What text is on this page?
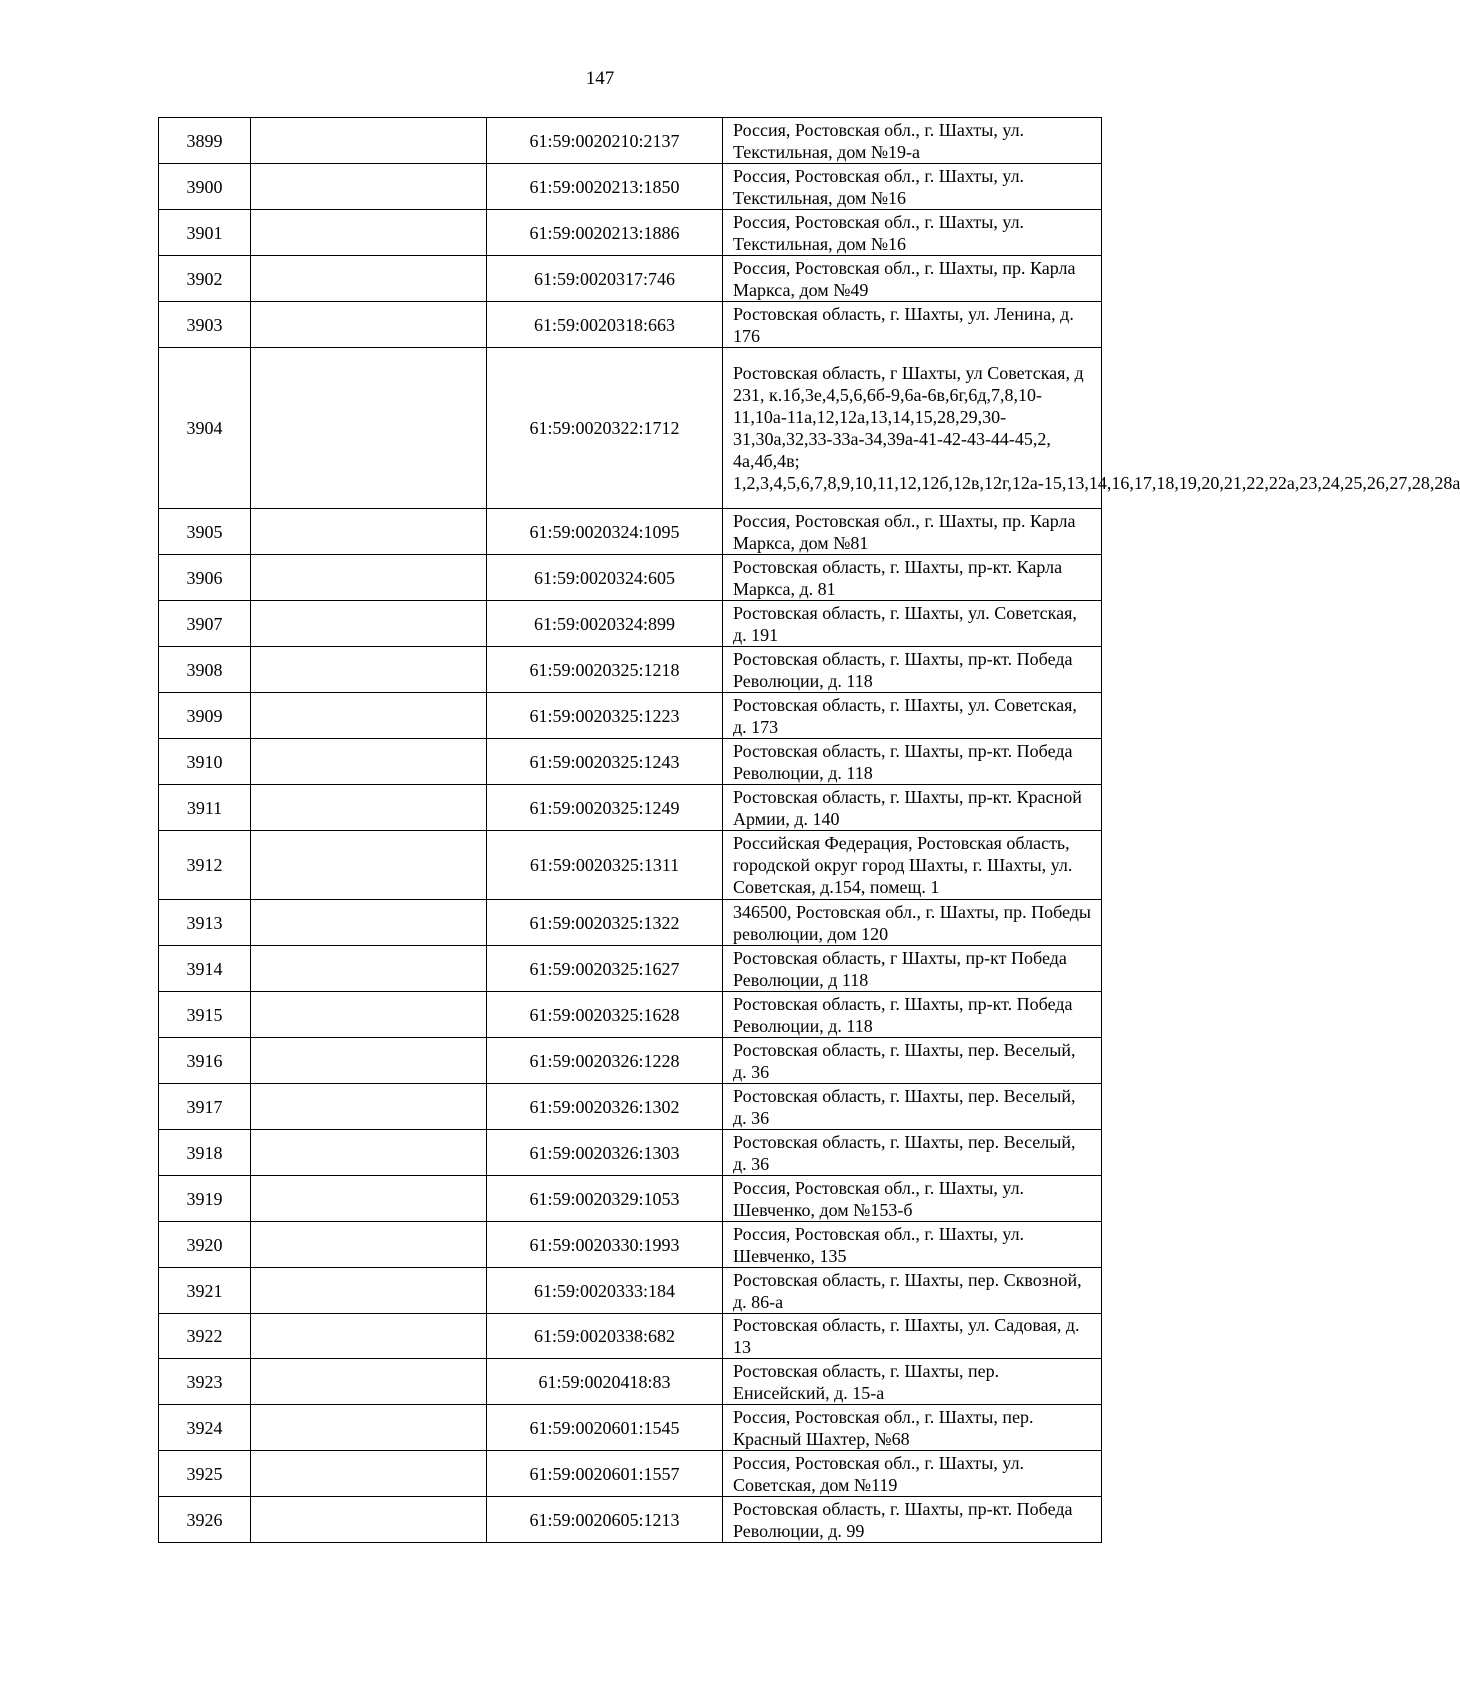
147
3899		61:59:0020210:2137	Россия, Ростовская обл., г. Шахты, ул. Текстильная, дом №19-а
3900		61:59:0020213:1850	Россия, Ростовская обл., г. Шахты, ул. Текстильная, дом №16
3901		61:59:0020213:1886	Россия, Ростовская обл., г. Шахты, ул. Текстильная, дом №16
3902		61:59:0020317:746	Россия, Ростовская обл., г. Шахты, пр. Карла Маркса, дом №49
3903		61:59:0020318:663	Ростовская область, г. Шахты, ул. Ленина, д. 176
3904		61:59:0020322:1712	Ростовская область, г Шахты, ул Советская, д 231, к.1б,3е,4,5,6,6б-9,6а-6в,6г,6д,7,8,10-11,10а-11а,12,12а,13,14,15,28,29,30-31,30а,32,33-33а-34,39а-41-42-43-44-45,2, 4а,4б,4в; 1,2,3,4,5,6,7,8,9,10,11,12,12б,12в,12г,12а-15,13,14,16,17,18,19,20,21,22,22а,23,24,25,26,27,28,28а
3905		61:59:0020324:1095	Россия, Ростовская обл., г. Шахты, пр. Карла Маркса, дом №81
3906		61:59:0020324:605	Ростовская область, г. Шахты, пр-кт. Карла Маркса, д. 81
3907		61:59:0020324:899	Ростовская область, г. Шахты, ул. Советская, д. 191
3908		61:59:0020325:1218	Ростовская область, г. Шахты, пр-кт. Победа Революции, д. 118
3909		61:59:0020325:1223	Ростовская область, г. Шахты, ул. Советская, д. 173
3910		61:59:0020325:1243	Ростовская область, г. Шахты, пр-кт. Победа Революции, д. 118
3911		61:59:0020325:1249	Ростовская область, г. Шахты, пр-кт. Красной Армии, д. 140
3912		61:59:0020325:1311	Российская Федерация, Ростовская область, городской округ город Шахты, г. Шахты, ул. Советская, д.154, помещ. 1
3913		61:59:0020325:1322	346500, Ростовская обл., г. Шахты, пр. Победы революции, дом 120
3914		61:59:0020325:1627	Ростовская область, г Шахты, пр-кт Победа Революции, д 118
3915		61:59:0020325:1628	Ростовская область, г. Шахты, пр-кт. Победа Революции, д. 118
3916		61:59:0020326:1228	Ростовская область, г. Шахты, пер. Веселый, д. 36
3917		61:59:0020326:1302	Ростовская область, г. Шахты, пер. Веселый, д. 36
3918		61:59:0020326:1303	Ростовская область, г. Шахты, пер. Веселый, д. 36
3919		61:59:0020329:1053	Россия, Ростовская обл., г. Шахты, ул. Шевченко, дом №153-б
3920		61:59:0020330:1993	Россия, Ростовская обл., г. Шахты, ул. Шевченко, 135
3921		61:59:0020333:184	Ростовская область, г. Шахты, пер. Сквозной, д. 86-а
3922		61:59:0020338:682	Ростовская область, г. Шахты, ул. Садовая, д. 13
3923		61:59:0020418:83	Ростовская область, г. Шахты, пер. Енисейский, д. 15-а
3924		61:59:0020601:1545	Россия, Ростовская обл., г. Шахты, пер. Красный Шахтер, №68
3925		61:59:0020601:1557	Россия, Ростовская обл., г. Шахты, ул. Советская, дом №119
3926		61:59:0020605:1213	Ростовская область, г. Шахты, пр-кт. Победа Революции, д. 99
